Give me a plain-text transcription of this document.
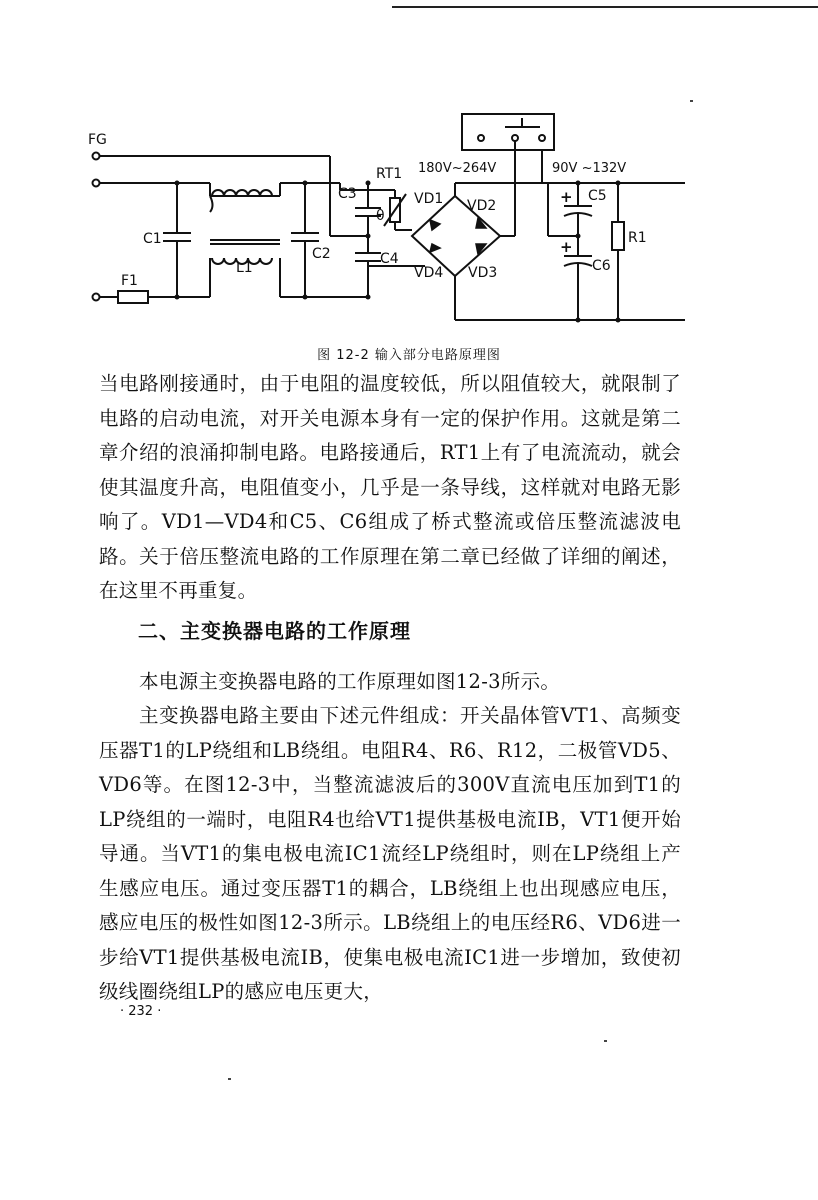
FG
C1
C2
C3
C4
C5
C6
L1
F1
RT1
θ
VD1 VD2
VD3
VD4
R1
180V~264V	90V ~132V
+
+
图 12-2 输入部分电路原理图

当电路刚接通时，由于电阻的温度较低，所以阻值较大，就限制了电路的启动电流，对开关电源本身有一定的保护作用。这就是第二章介绍的浪涌抑制电路。电路接通后，RT1上有了电流流动，就会使其温度升高，电阻值变小，几乎是一条导线，这样就对电路无影响了。VD1—VD4和C5、C6组成了桥式整流或倍压整流滤波电路。关于倍压整流电路的工作原理在第二章已经做了详细的阐述，在这里不再重复。

二、主变换器电路的工作原理

本电源主变换器电路的工作原理如图12-3所示。

主变换器电路主要由下述元件组成：开关晶体管VT1、高频变压器T1的LP绕组和LB绕组。电阻R4、R6、R12，二极管VD5、VD6等。在图12-3中，当整流滤波后的300V直流电压加到T1的LP绕组的一端时，电阻R4也给VT1提供基极电流IB，VT1便开始导通。当VT1的集电极电流IC1流经LP绕组时，则在LP绕组上产生感应电压。通过变压器T1的耦合，LB绕组上也出现感应电压，感应电压的极性如图12-3所示。LB绕组上的电压经R6、VD6进一步给VT1提供基极电流IB，使集电极电流IC1进一步增加，致使初级线圈绕组LP的感应电压更大，

· 232 ·
